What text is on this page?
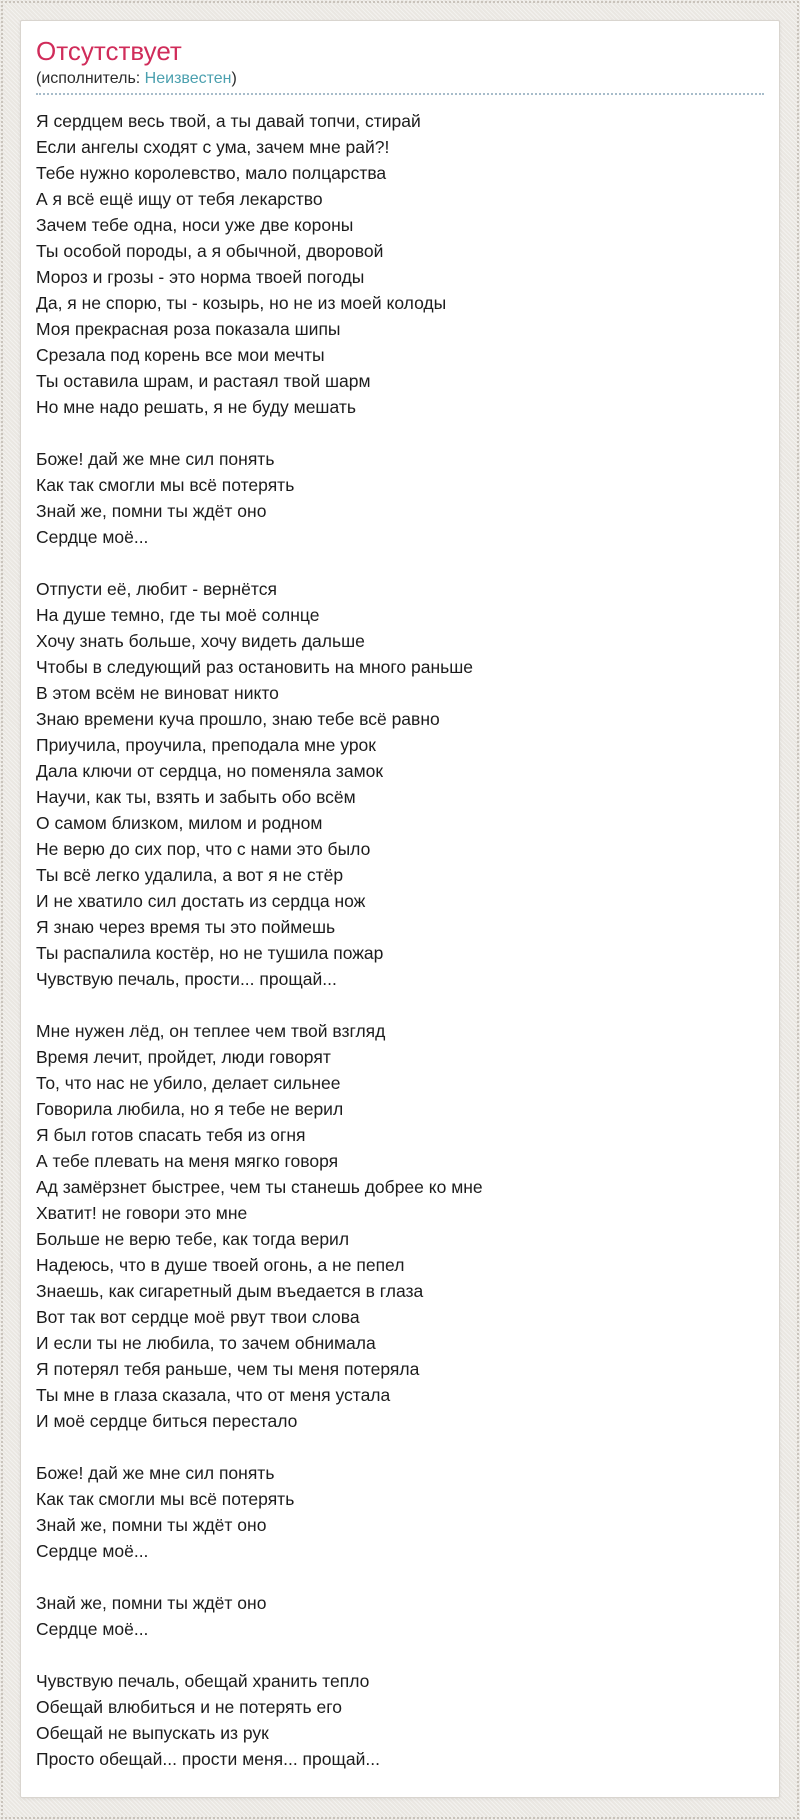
Отсутствует
(исполнитель: Неизвестен)
Я сердцем весь твой, а ты давай топчи, стирай
Если ангелы сходят с ума, зачем мне рай?!
Тебе нужно королевство, мало полцарства
А я всё ещё ищу от тебя лекарство
Зачем тебе одна, носи уже две короны
Ты особой породы, а я обычной, дворовой
Мороз и грозы - это норма твоей погоды
Да, я не спорю, ты - козырь, но не из моей колоды
Моя прекрасная роза показала шипы
Срезала под корень все мои мечты
Ты оставила шрам, и растаял твой шарм
Но мне надо решать, я не буду мешать
Боже! дай же мне сил понять
Как так смогли мы всё потерять
Знай же, помни ты ждёт оно
Сердце моё...
Отпусти её, любит - вернётся
На душе темно, где ты моё солнце
Хочу знать больше, хочу видеть дальше
Чтобы в следующий раз остановить на много раньше
В этом всём не виноват никто
Знаю времени куча прошло, знаю тебе всё равно
Приучила, проучила, преподала мне урок
Дала ключи от сердца, но поменяла замок
Научи, как ты, взять и забыть обо всём
О самом близком, милом и родном
Не верю до сих пор, что с нами это было
Ты всё легко удалила, а вот я не стёр
И не хватило сил достать из сердца нож
Я знаю через время ты это поймешь
Ты распалила костёр, но не тушила пожар
Чувствую печаль, прости... прощай...
Мне нужен лёд, он теплее чем твой взгляд
Время лечит, пройдет, люди говорят
То, что нас не убило, делает сильнее
Говорила любила, но я тебе не верил
Я был готов спасать тебя из огня
А тебе плевать на меня мягко говоря
Ад замёрзнет быстрее, чем ты станешь добрее ко мне
Хватит! не говори это мне
Больше не верю тебе, как тогда верил
Надеюсь, что в душе твоей огонь, а не пепел
Знаешь, как сигаретный дым въедается в глаза
Вот так вот сердце моё рвут твои слова
И если ты не любила, то зачем обнимала
Я потерял тебя раньше, чем ты меня потеряла
Ты мне в глаза сказала, что от меня устала
И моё сердце биться перестало
Боже! дай же мне сил понять
Как так смогли мы всё потерять
Знай же, помни ты ждёт оно
Сердце моё...
Знай же, помни ты ждёт оно
Сердце моё...
Чувствую печаль, обещай хранить тепло
Обещай влюбиться и не потерять его
Обещай не выпускать из рук
Просто обещай... прости меня... прощай...
